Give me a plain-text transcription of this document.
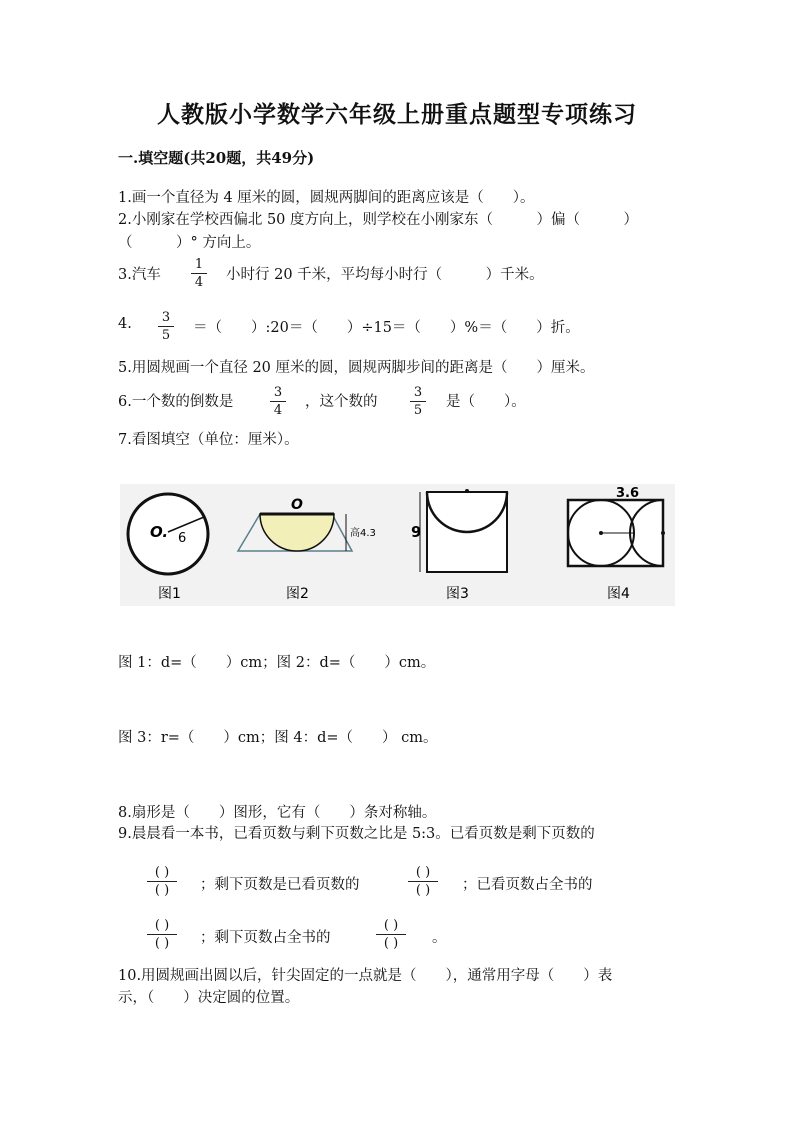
人教版小学数学六年级上册重点题型专项练习
一.填空题(共20题，共49分)
1.画一个直径为 4 厘米的圆，圆规两脚间的距离应该是（　　）。
2.小刚家在学校西偏北 50 度方向上，则学校在小刚家东（　　　）偏（　　　）
（　　　）° 方向上。
3.汽车
1
4 小时行 20 千米，平均每小时行（　　　）千米。
4. 3
5 ＝（　　）:20＝（　　）÷15＝（　　）%＝（　　）折。
5.用圆规画一个直径 20 厘米的圆，圆规两脚步间的距离是（　　）厘米。
6.一个数的倒数是
3
4
，这个数的
3
5
是（　　）。
7.看图填空（单位：厘米）。
O. 6
O
高4.3 9
3.6
图1	图2	图3	图4
图 1：d=（　　）cm；图 2：d=（　　）cm。
图 3：r=（　　）cm；图 4：d=（　　） cm。
8.扇形是（　　）图形，它有（　　）条对称轴。
9.晨晨看一本书，已看页数与剩下页数之比是 5:3。已看页数是剩下页数的
( )
( ) ；剩下页数是已看页数的
( )
( ) ；已看页数占全书的
( )
( ) ；剩下页数占全书的
( )
( ) 。
10.用圆规画出圆以后，针尖固定的一点就是（　　），通常用字母（　　）表
示，（　　）决定圆的位置。
